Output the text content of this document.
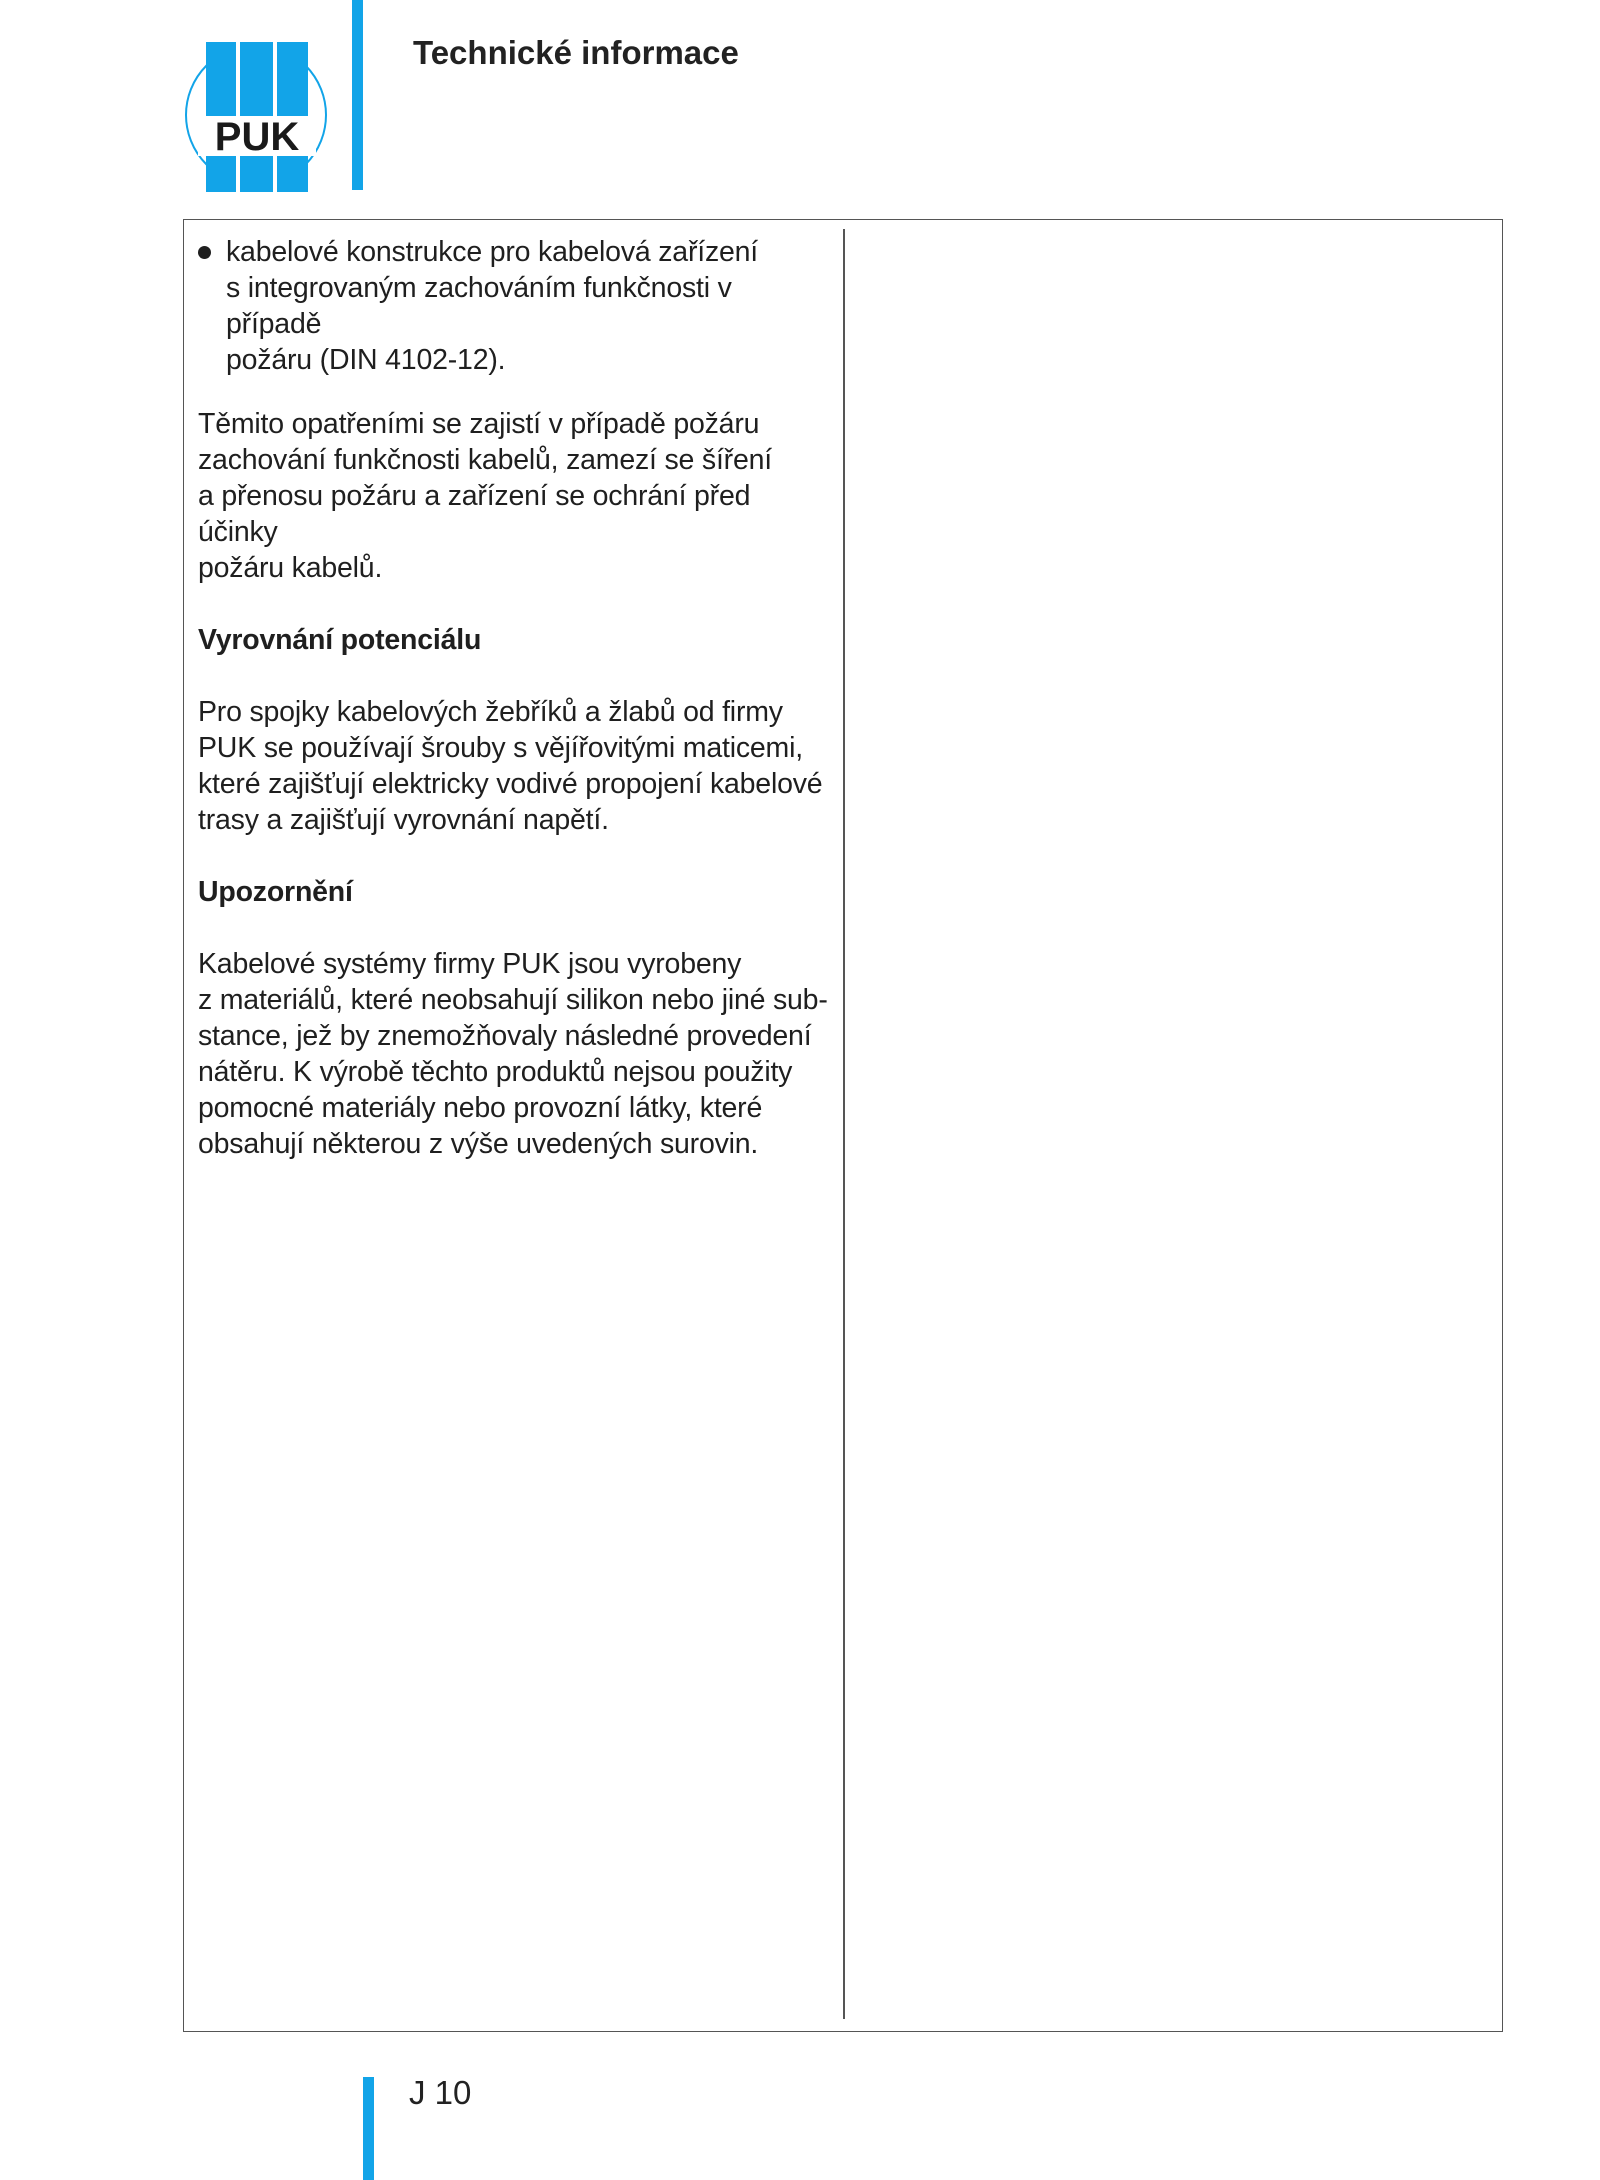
PUK
Technické informace
kabelové konstrukce pro kabelová zařízení
s integrovaným zachováním funkčnosti v případě
požáru (DIN 4102-12).
Těmito opatřeními se zajistí v případě požáru
zachování funkčnosti kabelů, zamezí se šíření
a přenosu požáru a zařízení se ochrání před účinky
požáru kabelů.
Vyrovnání potenciálu
Pro spojky kabelových žebříků a žlabů od firmy
PUK se používají šrouby s vějířovitými maticemi,
které zajišťují elektricky vodivé propojení kabelové
trasy a zajišťují vyrovnání napětí.
Upozornění
Kabelové systémy firmy PUK jsou vyrobeny
z materiálů, které neobsahují silikon nebo jiné sub-
stance, jež by znemožňovaly následné provedení
nátěru. K výrobě těchto produktů nejsou použity
pomocné materiály nebo provozní látky, které
obsahují některou z výše uvedených surovin.
J 10
